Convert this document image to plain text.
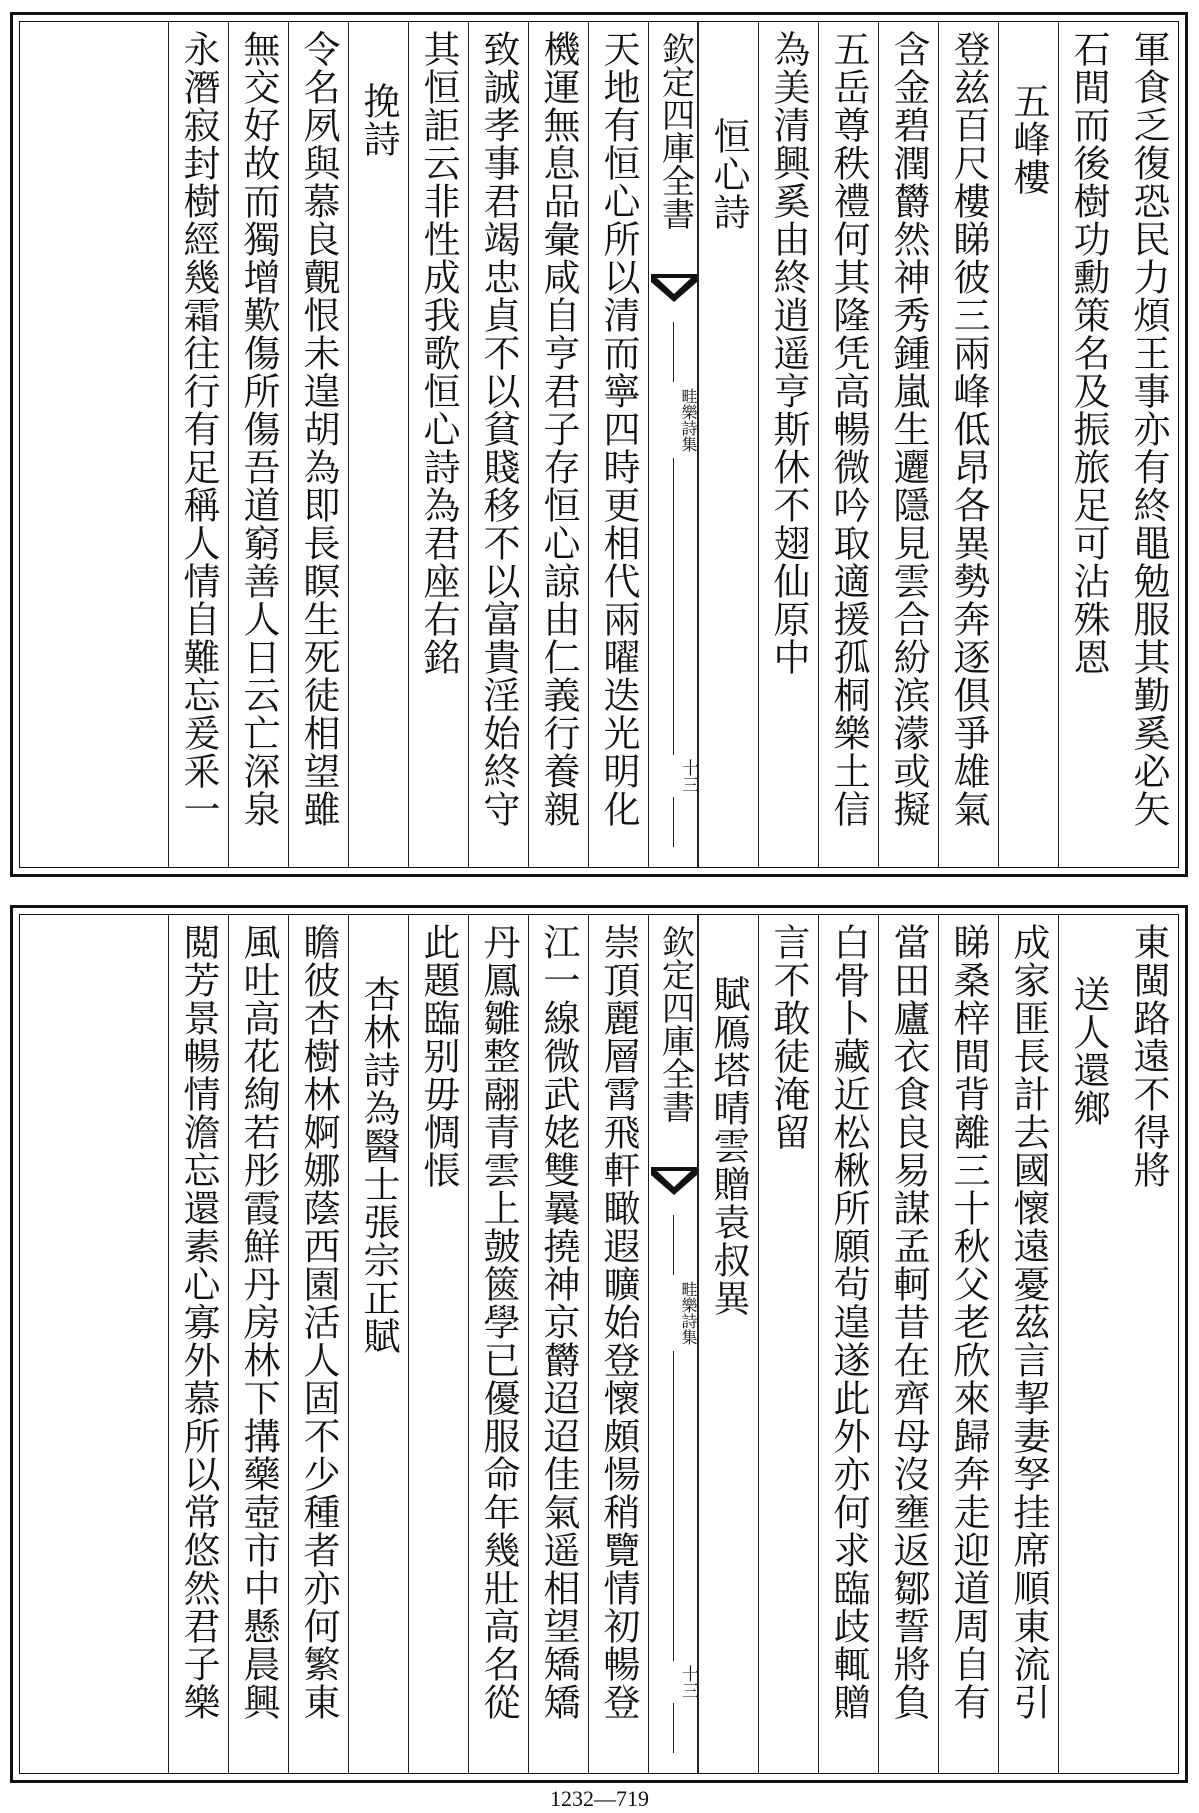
軍食乏復恐民力煩王事亦有終黽勉服其勤奚必矢
石間而後樹功勳策名及振旅足可沾殊恩
五峰樓
登兹百尺樓睇彼三兩峰低昂各異勢奔逐俱爭雄氣
含金碧潤欝然神秀鍾嵐生邐隱見雲合紛滨濛或擬
五岳尊秩禮何其隆凭高暢微吟取適援孤桐樂土信
為美清興奚由終逍遥亨斯休不翅仙原中
恒心詩
欽定四庫全書
畦樂詩集
十三
天地有恒心所以清而寧四時更相代兩曜迭光明化
機運無息品彙咸自亨君子存恒心諒由仁義行養親
致誠孝事君竭忠貞不以貧賤移不以富貴淫始終守
其恒詎云非性成我歌恒心詩為君座右銘
挽詩
令名夙與慕良覿恨未遑胡為即長瞑生死徒相望雖
無交好故而獨增歎傷所傷吾道窮善人日云亡深泉
永潛寂封樹經幾霜往行有足稱人情自難忘爰釆一
東閩路遠不得將
送人還鄉
成家匪長計去國懷遠憂茲言挈妻孥挂席順東流引
睇桑梓間背離三十秋父老欣來歸奔走迎道周自有
當田廬衣食良易謀孟軻昔在齊母沒壅返鄒誓將負
白骨卜藏近松楸所願茍遑遂此外亦何求臨歧輒贈
言不敢徒淹留
賦鴈塔晴雲贈袁叔異
欽定四庫全書
畦樂詩集
十三
崇頂麗層霄飛軒瞰遐曠始登懷頗愓稍覽情初暢登
江一線微武姥雙曩撓神京欝迢迢佳氣遥相望矯矯
丹鳳雛整翮青雲上皷篋學已優服命年幾壯高名從
此題臨别毋惆悵
杏林詩為醫士張宗正賦
瞻彼杏樹林婀娜蔭西園活人固不少種者亦何繁東
風吐高花絢若彤霞鮮丹房林下搆藥壺市中懸晨興
閲芳景暢情澹忘還素心寡外慕所以常悠然君子樂
1232—719
